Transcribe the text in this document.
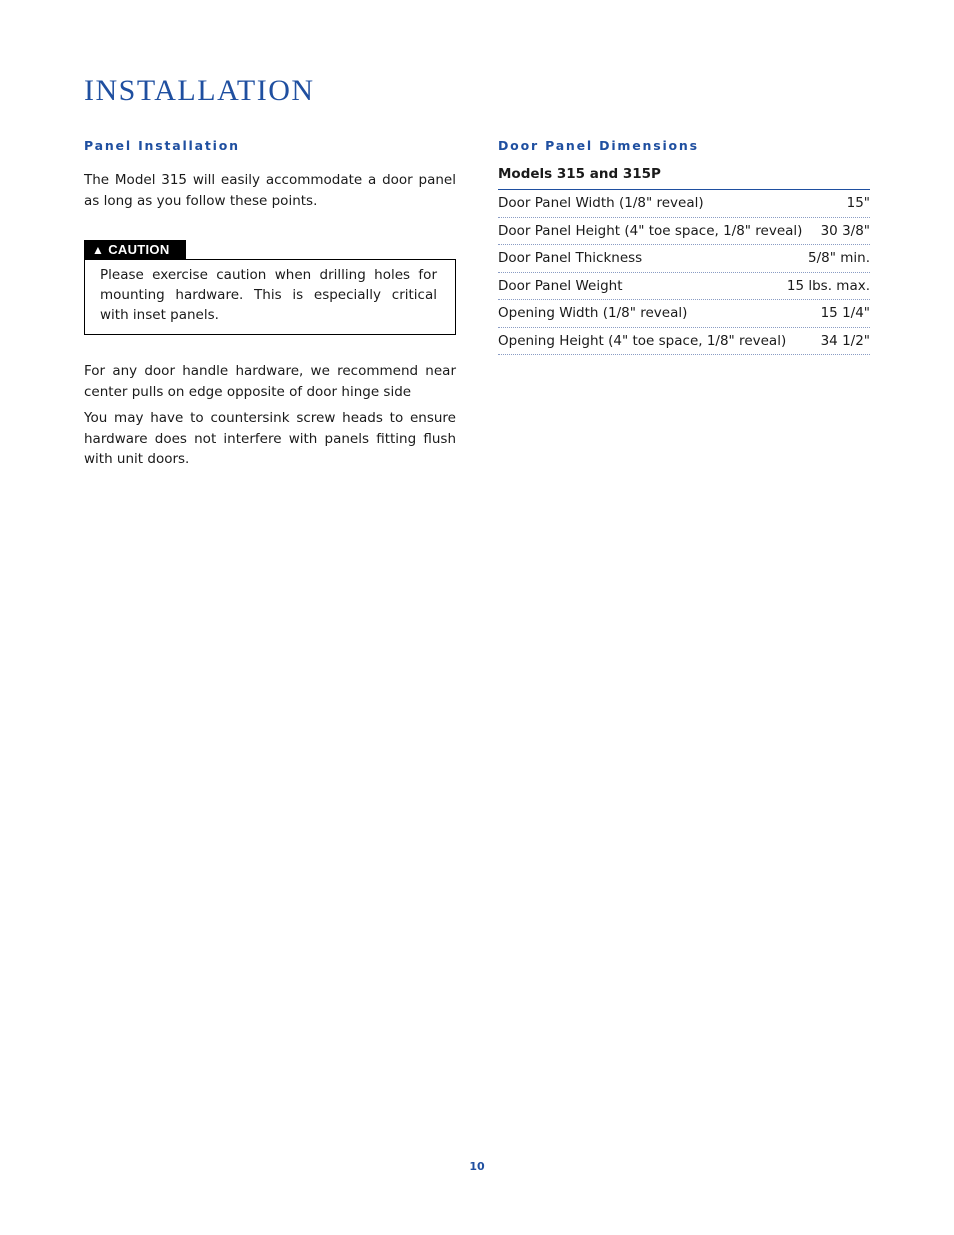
INSTALLATION
Panel Installation

The Model 315 will easily accommodate a door panel as long as you follow these points.

▲ CAUTION

Please exercise caution when drilling holes for mounting hardware. This is especially critical with inset panels.

For any door handle hardware, we recommend near center pulls on edge opposite of door hinge side

You may have to countersink screw heads to ensure hardware does not interfere with panels fitting flush with unit doors.

Door Panel Dimensions
Models 315 and 315P
Door Panel Width (1/8" reveal)	15"
Door Panel Height (4" toe space, 1/8" reveal) 30 3/8"
Door Panel Thickness	5/8" min.
Door Panel Weight	15 lbs. max.
Opening Width (1/8" reveal)	15 1/4"
Opening Height (4" toe space, 1/8" reveal)	34 1/2"
10
